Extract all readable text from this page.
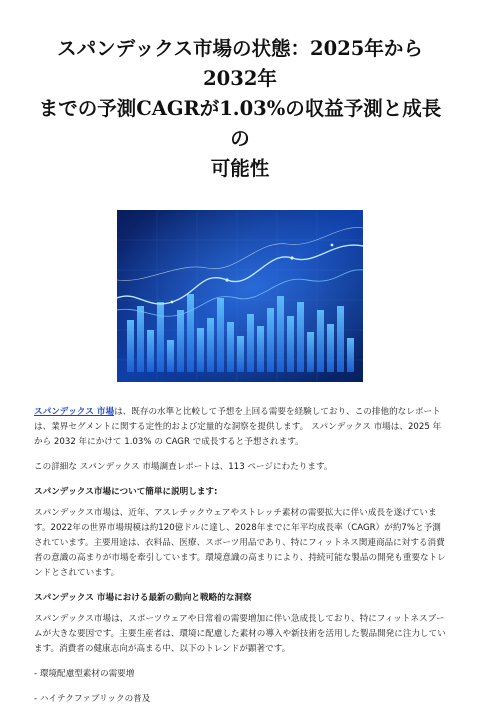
スパンデックス市場の状態：2025年から2032年
までの予測CAGRが1.03%の収益予測と成長の
可能性

スパンデックス 市場は、既存の水準と比較して予想を上回る需要を経験しており、この排他的なレポートは、業界セグメントに関する定性的および定量的な洞察を提供します。 スパンデックス 市場は、2025 年から 2032 年にかけて 1.03% の CAGR で成長すると予想されます。

この詳細な スパンデックス 市場調査レポートは、113 ページにわたります。

スパンデックス市場について簡単に説明します:

スパンデックス市場は、近年、アスレチックウェアやストレッチ素材の需要拡大に伴い成長を遂げています。2022年の世界市場規模は約120億ドルに達し、2028年までに年平均成長率（CAGR）が約7%と予測されています。主要用途は、衣料品、医療、スポーツ用品であり、特にフィットネス関連商品に対する消費者の意識の高まりが市場を牽引しています。環境意識の高まりにより、持続可能な製品の開発も重要なトレンドとされています。

スパンデックス 市場における最新の動向と戦略的な洞察

スパンデックス市場は、スポーツウェアや日常着の需要増加に伴い急成長しており、特にフィットネスブームが大きな要因です。主要生産者は、環境に配慮した素材の導入や新技術を活用した製品開発に注力しています。消費者の健康志向が高まる中、以下のトレンドが顕著です。

- 環境配慮型素材の需要増

- ハイテクファブリックの普及
